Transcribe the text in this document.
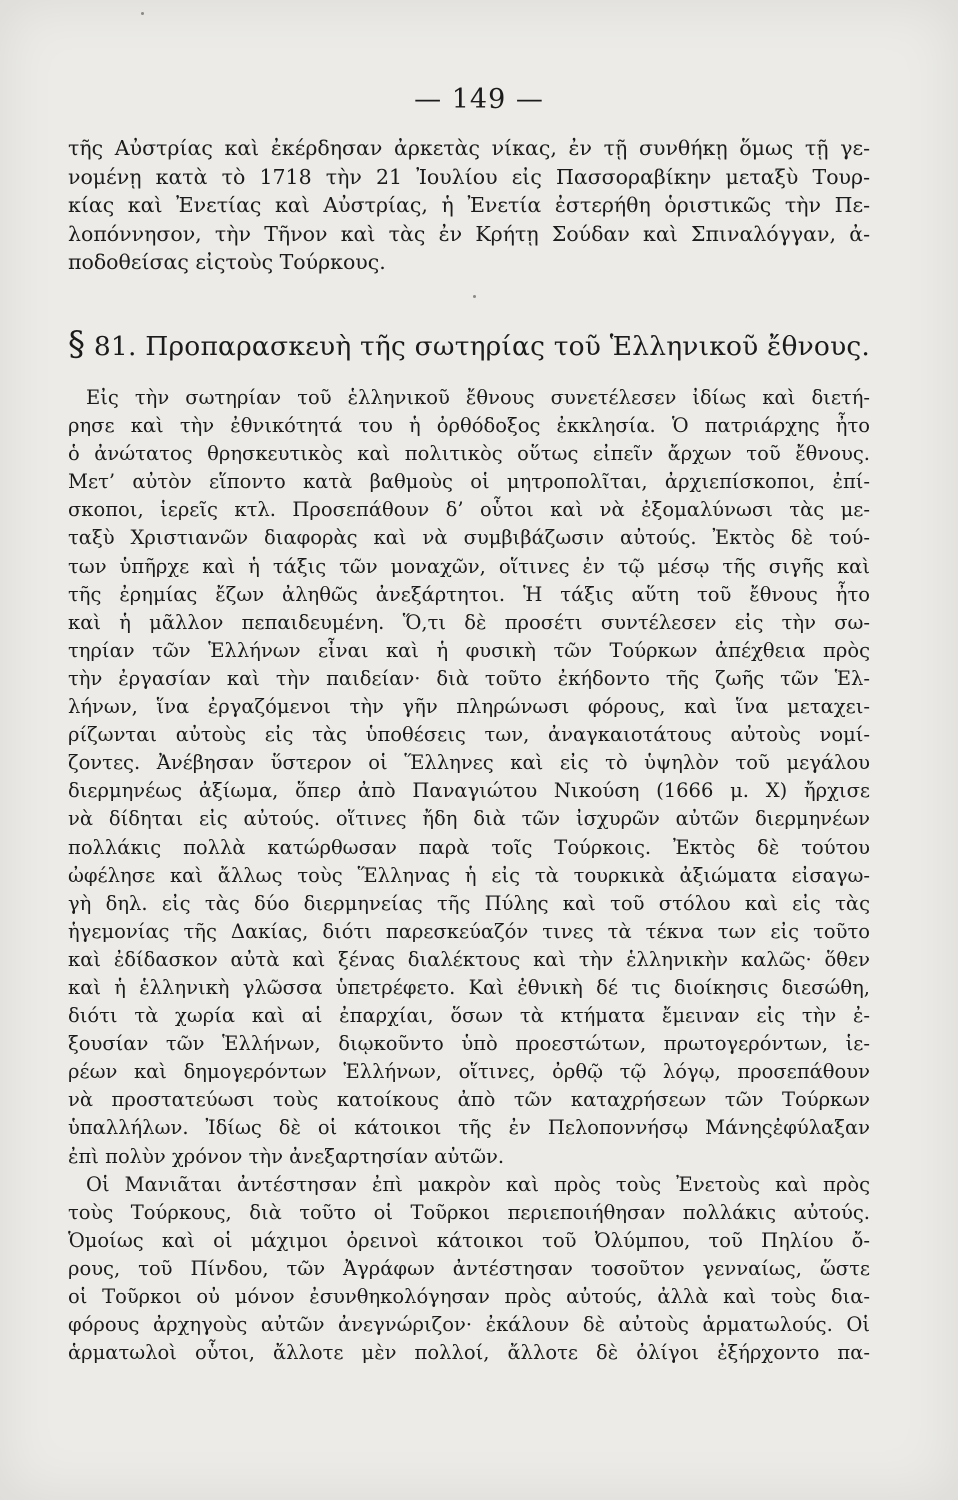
— 149 —
τῆς Αὐστρίας καὶ ἐκέρδησαν ἀρκετὰς νίκας, ἐν τῇ συνθήκῃ ὅμως τῇ γε-
νομένῃ κατὰ τὸ 1718 τὴν 21 Ἰουλίου εἰς Πασσοραβίκην μεταξὺ Τουρ-
κίας καὶ Ἐνετίας καὶ Αὐστρίας, ἡ Ἐνετία ἐστερήθη ὁριστικῶς τὴν Πε-
λοπόννησον, τὴν Τῆνον καὶ τὰς ἐν Κρήτῃ Σούδαν καὶ Σπιναλόγγαν, ἀ-
ποδοθείσας εἰςτοὺς Τούρκους.
§ 81. Προπαρασκευὴ τῆς σωτηρίας τοῦ Ἑλληνικοῦ ἔθνους.
Εἰς τὴν σωτηρίαν τοῦ ἑλληνικοῦ ἔθνους συνετέλεσεν ἰδίως καὶ διετή-
ρησε καὶ τὴν ἐθνικότητά του ἡ ὀρθόδοξος ἐκκλησία. Ὁ πατριάρχης ἦτο
ὁ ἀνώτατος θρησκευτικὸς καὶ πολιτικὸς οὕτως εἰπεῖν ἄρχων τοῦ ἔθνους.
Μετ’ αὐτὸν εἵποντο κατὰ βαθμοὺς οἱ μητροπολῖται, ἀρχιεπίσκοποι, ἐπί-
σκοποι, ἱερεῖς κτλ. Προσεπάθουν δ’ οὗτοι καὶ νὰ ἐξομαλύνωσι τὰς με-
ταξὺ Χριστιανῶν διαφορὰς καὶ νὰ συμβιβάζωσιν αὐτούς. Ἐκτὸς δὲ τού-
των ὑπῆρχε καὶ ἡ τάξις τῶν μοναχῶν, οἵτινες ἐν τῷ μέσῳ τῆς σιγῆς καὶ
τῆς ἐρημίας ἔζων ἀληθῶς ἀνεξάρτητοι. Ἡ τάξις αὕτη τοῦ ἔθνους ἦτο
καὶ ἡ μᾶλλον πεπαιδευμένη. Ὅ,τι δὲ προσέτι συντέλεσεν εἰς τὴν σω-
τηρίαν τῶν Ἑλλήνων εἶναι καὶ ἡ φυσικὴ τῶν Τούρκων ἀπέχθεια πρὸς
τὴν ἐργασίαν καὶ τὴν παιδείαν· διὰ τοῦτο ἐκήδοντο τῆς ζωῆς τῶν Ἑλ-
λήνων, ἵνα ἐργαζόμενοι τὴν γῆν πληρώνωσι φόρους, καὶ ἵνα μεταχει-
ρίζωνται αὐτοὺς εἰς τὰς ὑποθέσεις των, ἀναγκαιοτάτους αὐτοὺς νομί-
ζοντες. Ἀνέβησαν ὕστερον οἱ Ἕλληνες καὶ εἰς τὸ ὑψηλὸν τοῦ μεγάλου
διερμηνέως ἀξίωμα, ὅπερ ἀπὸ Παναγιώτου Νικούση (1666 μ. Χ) ἤρχισε
νὰ δίδηται εἰς αὐτούς. οἵτινες ἤδη διὰ τῶν ἰσχυρῶν αὐτῶν διερμηνέων
πολλάκις πολλὰ κατώρθωσαν παρὰ τοῖς Τούρκοις. Ἐκτὸς δὲ τούτου
ὠφέλησε καὶ ἄλλως τοὺς Ἕλληνας ἡ εἰς τὰ τουρκικὰ ἀξιώματα εἰσαγω-
γὴ δηλ. εἰς τὰς δύο διερμηνείας τῆς Πύλης καὶ τοῦ στόλου καὶ εἰς τὰς
ἡγεμονίας τῆς Δακίας, διότι παρεσκεύαζόν τινες τὰ τέκνα των εἰς τοῦτο
καὶ ἐδίδασκον αὐτὰ καὶ ξένας διαλέκτους καὶ τὴν ἑλληνικὴν καλῶς· ὅθεν
καὶ ἡ ἑλληνικὴ γλῶσσα ὑπετρέφετο. Καὶ ἐθνικὴ δέ τις διοίκησις διεσώθη,
διότι τὰ χωρία καὶ αἱ ἐπαρχίαι, ὅσων τὰ κτήματα ἔμειναν εἰς τὴν ἐ-
ξουσίαν τῶν Ἑλλήνων, διῳκοῦντο ὑπὸ προεστώτων, πρωτογερόντων, ἱε-
ρέων καὶ δημογερόντων Ἑλλήνων, οἵτινες, ὀρθῷ τῷ λόγῳ, προσεπάθουν
νὰ προστατεύωσι τοὺς κατοίκους ἀπὸ τῶν καταχρήσεων τῶν Τούρκων
ὑπαλλήλων. Ἰδίως δὲ οἱ κάτοικοι τῆς ἐν Πελοποννήσῳ Μάνηςἐφύλαξαν
ἐπὶ πολὺν χρόνον τὴν ἀνεξαρτησίαν αὐτῶν.
Οἱ Μανιᾶται ἀντέστησαν ἐπὶ μακρὸν καὶ πρὸς τοὺς Ἐνετοὺς καὶ πρὸς
τοὺς Τούρκους, διὰ τοῦτο οἱ Τοῦρκοι περιεποιήθησαν πολλάκις αὐτούς.
Ὁμοίως καὶ οἱ μάχιμοι ὀρεινοὶ κάτοικοι τοῦ Ὀλύμπου, τοῦ Πηλίου ὄ-
ρους, τοῦ Πίνδου, τῶν Ἀγράφων ἀντέστησαν τοσοῦτον γενναίως, ὥστε
οἱ Τοῦρκοι οὐ μόνον ἐσυνθηκολόγησαν πρὸς αὐτούς, ἀλλὰ καὶ τοὺς δια-
φόρους ἀρχηγοὺς αὐτῶν ἀνεγνώριζον· ἐκάλουν δὲ αὐτοὺς ἁρματωλούς. Οἱ
ἁρματωλοὶ οὗτοι, ἄλλοτε μὲν πολλοί, ἄλλοτε δὲ ὀλίγοι ἐξήρχοντο πα-
